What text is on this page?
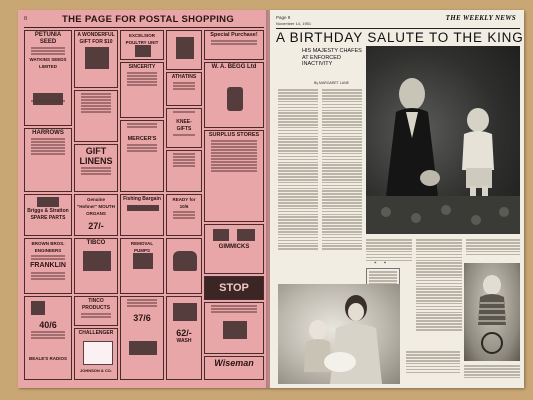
8	THE PAGE FOR POSTAL SHOPPING
PETUNIA SEED
WATKINS SEEDS LIMITED
HARROWS
Briggs & Stratton SPARE PARTS
BROWN BROS. ENGINEERS
FRANKLIN
40/6
BEALE'S RADIOS
A WONDERFUL GIFT FOR $10
GIFT LINENS
Genuine "Hohner" MOUTH ORGANS
27/-
TIBCO
TINCO PRODUCTS
CHALLENGER
JOHNSON & CO.
EXCELSIOR POULTRY UNIT
SINCERITY
MERCER'S
Fishing Bargain
REMOVAL PUMPS
37/6
ATHATINS
KNEE-GIFTS
READY for 10/6
62/-
WASH
Special Purchase!
W. A. BEGG Ltd
SURPLUS STORES
GIMMICKS
STOP
Wiseman
Page 9
November 14, 1951
THE WEEKLY NEWS
A BIRTHDAY SALUTE TO THE KING
HIS MAJESTY CHAFES AT ENFORCED INACTIVITY
By MARGARET LANE
* *
